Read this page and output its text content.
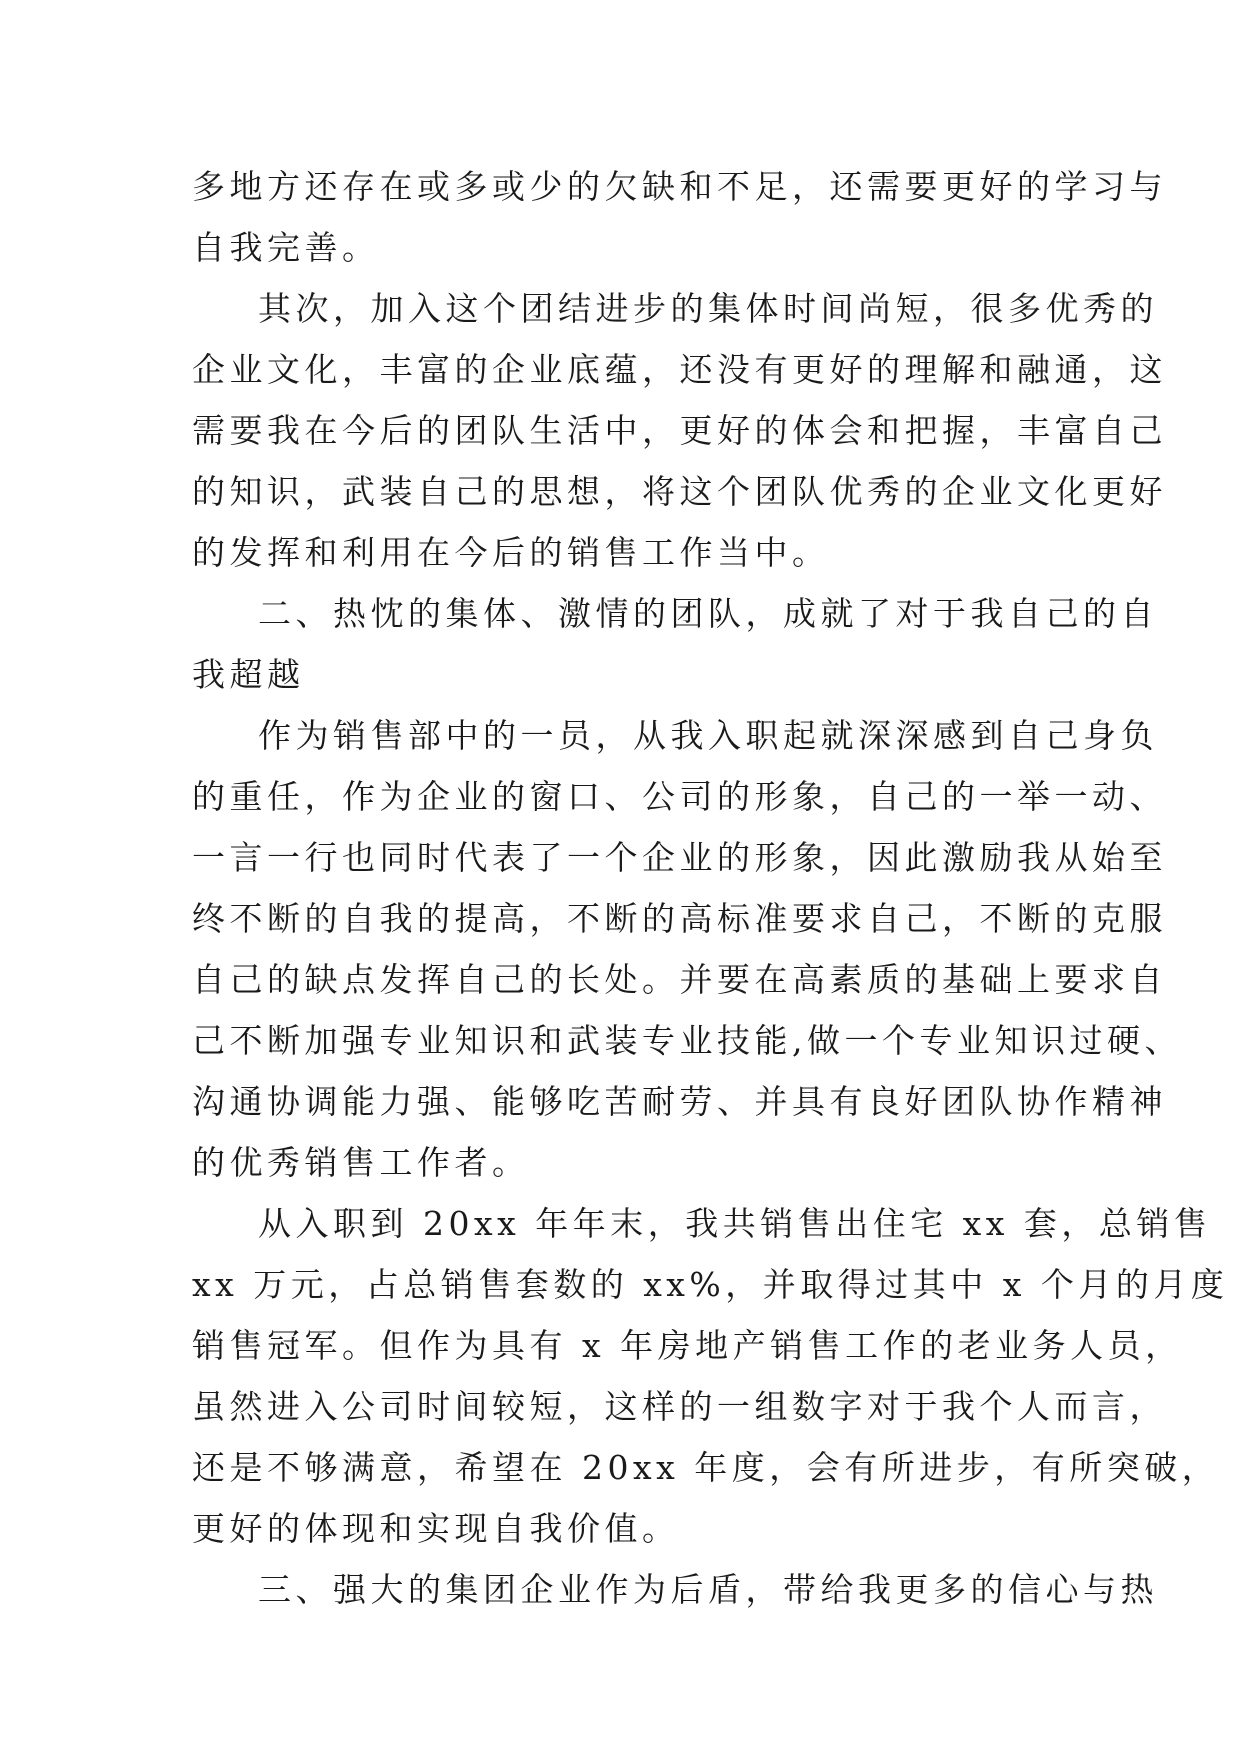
多地方还存在或多或少的欠缺和不足，还需要更好的学习与
自我完善。
其次，加入这个团结进步的集体时间尚短，很多优秀的
企业文化，丰富的企业底蕴，还没有更好的理解和融通，这
需要我在今后的团队生活中，更好的体会和把握，丰富自己
的知识，武装自己的思想，将这个团队优秀的企业文化更好
的发挥和利用在今后的销售工作当中。
二、热忱的集体、激情的团队，成就了对于我自己的自
我超越
作为销售部中的一员，从我入职起就深深感到自己身负
的重任，作为企业的窗口、公司的形象，自己的一举一动、
一言一行也同时代表了一个企业的形象，因此激励我从始至
终不断的自我的提高，不断的高标准要求自己，不断的克服
自己的缺点发挥自己的长处。并要在高素质的基础上要求自
己不断加强专业知识和武装专业技能,做一个专业知识过硬、
沟通协调能力强、能够吃苦耐劳、并具有良好团队协作精神
的优秀销售工作者。
从入职到 20xx 年年末，我共销售出住宅 xx 套，总销售
xx 万元，占总销售套数的 xx%，并取得过其中 x 个月的月度
销售冠军。但作为具有 x 年房地产销售工作的老业务人员，
虽然进入公司时间较短，这样的一组数字对于我个人而言，
还是不够满意，希望在 20xx 年度，会有所进步，有所突破，
更好的体现和实现自我价值。
三、强大的集团企业作为后盾，带给我更多的信心与热
